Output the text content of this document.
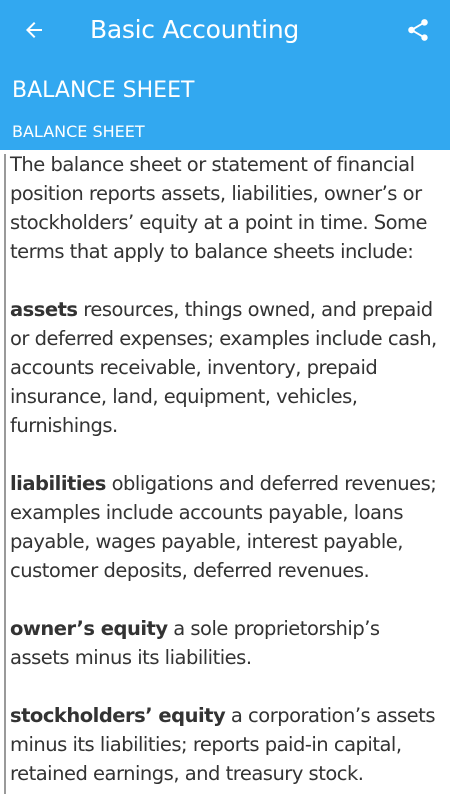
Basic Accounting
BALANCE SHEET
BALANCE SHEET

The balance sheet or statement of financial position reports assets, liabilities, owner’s or stockholders’ equity at a point in time. Some terms that apply to balance sheets include:

assets resources, things owned, and prepaid or deferred expenses; examples include cash, accounts receivable, inventory, prepaid insurance, land, equipment, vehicles, furnishings.

liabilities obligations and deferred revenues; examples include accounts payable, loans payable, wages payable, interest payable, customer deposits, deferred revenues.

owner’s equity a sole proprietorship’s assets minus its liabilities.

stockholders’ equity a corporation’s assets minus its liabilities; reports paid-in capital, retained earnings, and treasury stock.
